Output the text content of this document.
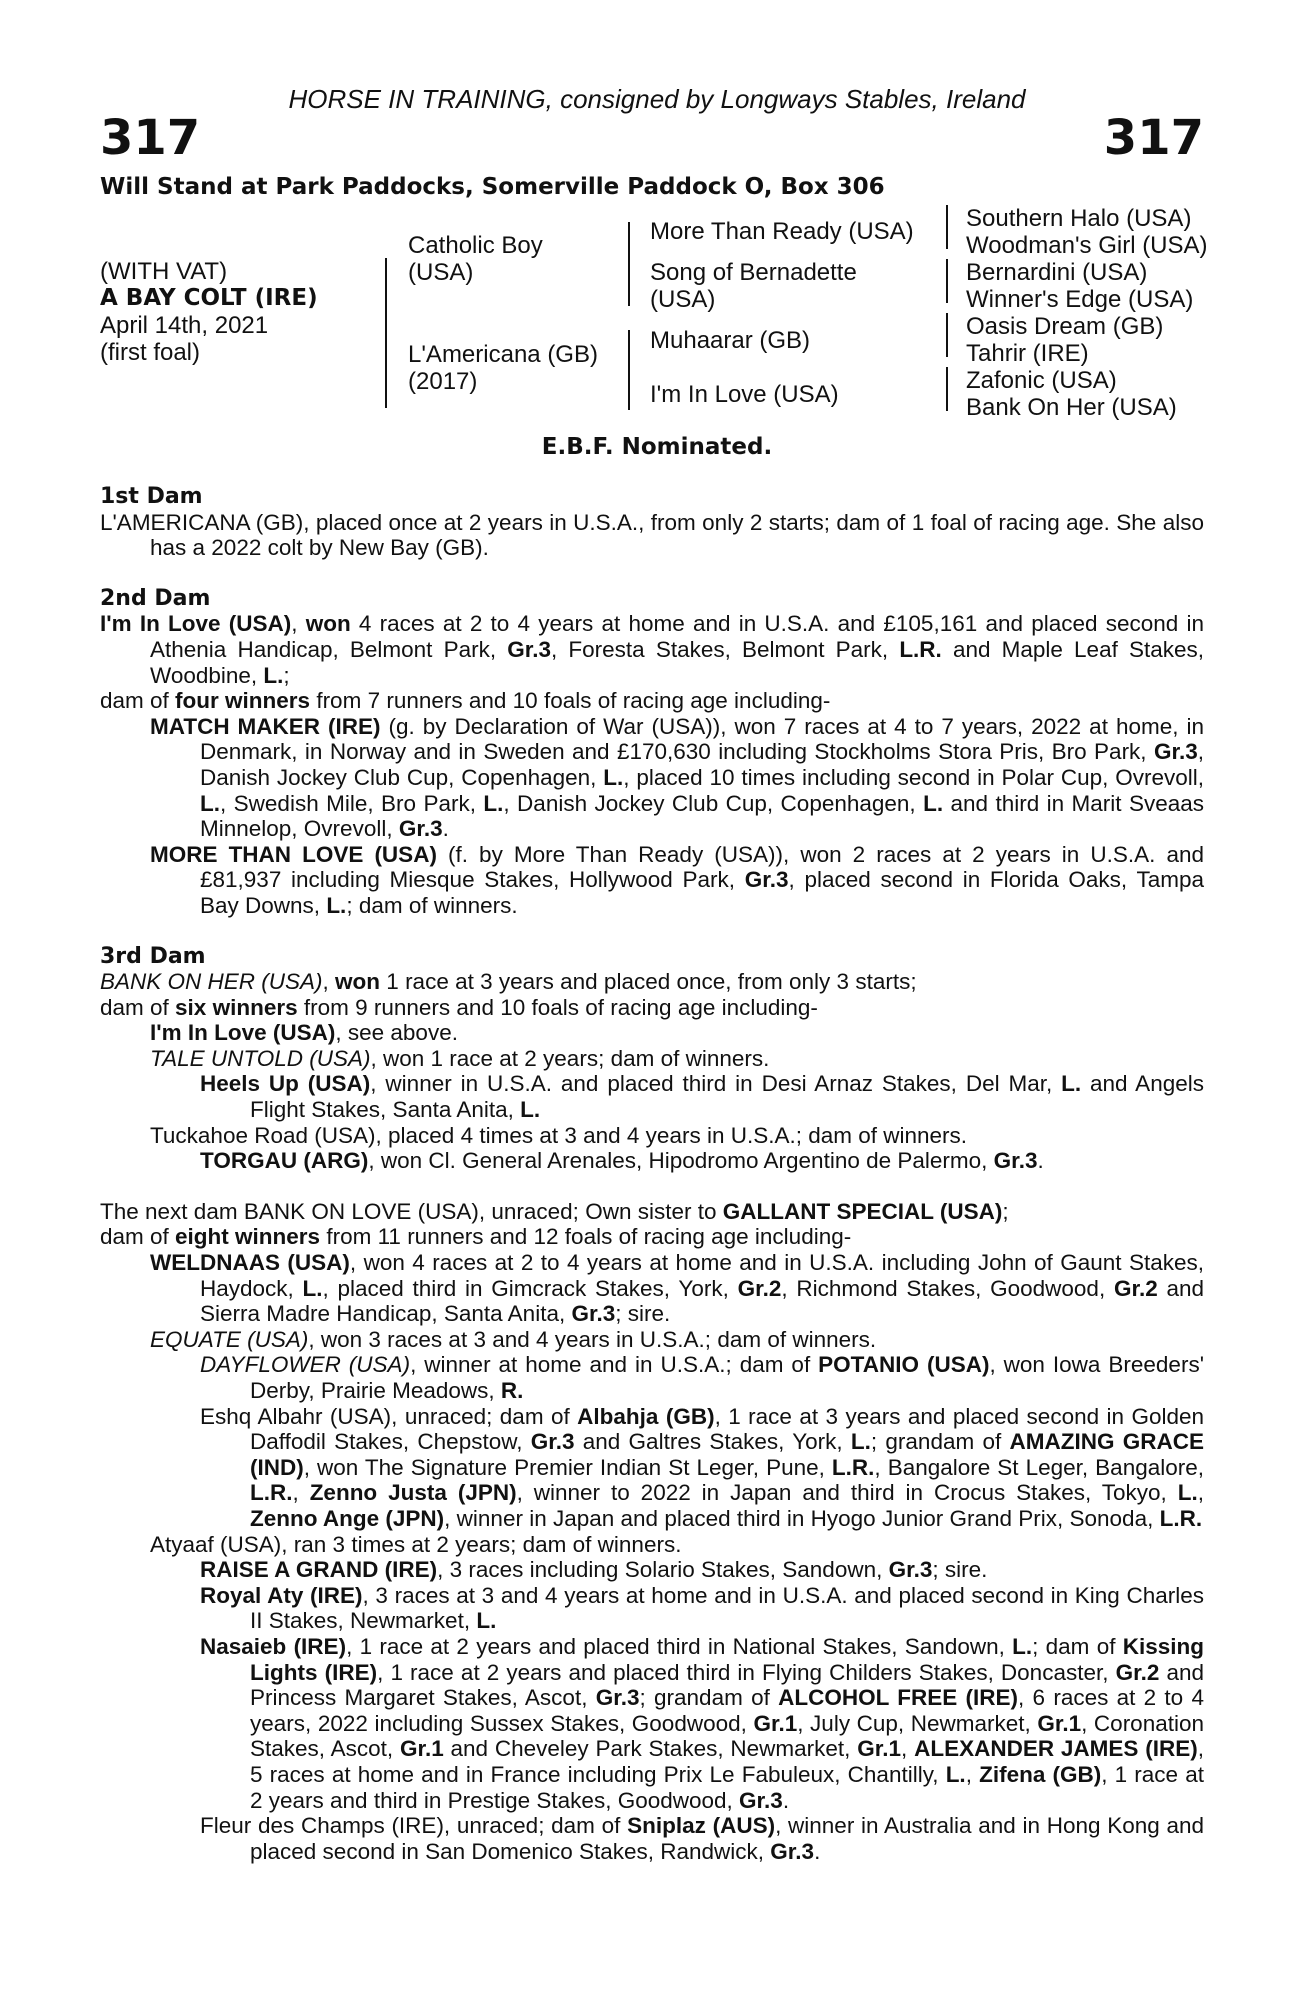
HORSE IN TRAINING, consigned by Longways Stables, Ireland
317	317
Will Stand at Park Paddocks, Somerville Paddock O, Box 306
(WITH VAT)
A BAY COLT (IRE)
April 14th, 2021
(first foal)
Catholic Boy
(USA)
L'Americana (GB)
(2017)
More Than Ready (USA)
Song of Bernadette
(USA)
Muhaarar (GB)
I'm In Love (USA)
Southern Halo (USA)
Woodman's Girl (USA)
Bernardini (USA)
Winner's Edge (USA)
Oasis Dream (GB)
Tahrir (IRE)
Zafonic (USA)
Bank On Her (USA)
E.B.F. Nominated.
1st Dam

L'AMERICANA (GB), placed once at 2 years in U.S.A., from only 2 starts; dam of 1 foal of racing age. She also has a 2022 colt by New Bay (GB).

2nd Dam

I'm In Love (USA), won 4 races at 2 to 4 years at home and in U.S.A. and £105,161 and placed second in Athenia Handicap, Belmont Park, Gr.3, Foresta Stakes, Belmont Park, L.R. and Maple Leaf Stakes, Woodbine, L.;

dam of four winners from 7 runners and 10 foals of racing age including-

MATCH MAKER (IRE) (g. by Declaration of War (USA)), won 7 races at 4 to 7 years, 2022 at home, in Denmark, in Norway and in Sweden and £170,630 including Stockholms Stora Pris, Bro Park, Gr.3, Danish Jockey Club Cup, Copenhagen, L., placed 10 times including second in Polar Cup, Ovrevoll, L., Swedish Mile, Bro Park, L., Danish Jockey Club Cup, Copenhagen, L. and third in Marit Sveaas Minnelop, Ovrevoll, Gr.3.

MORE THAN LOVE (USA) (f. by More Than Ready (USA)), won 2 races at 2 years in U.S.A. and £81,937 including Miesque Stakes, Hollywood Park, Gr.3, placed second in Florida Oaks, Tampa Bay Downs, L.; dam of winners.

3rd Dam

BANK ON HER (USA), won 1 race at 3 years and placed once, from only 3 starts;

dam of six winners from 9 runners and 10 foals of racing age including-

I'm In Love (USA), see above.

TALE UNTOLD (USA), won 1 race at 2 years; dam of winners.

Heels Up (USA), winner in U.S.A. and placed third in Desi Arnaz Stakes, Del Mar, L. and Angels Flight Stakes, Santa Anita, L.

Tuckahoe Road (USA), placed 4 times at 3 and 4 years in U.S.A.; dam of winners.

TORGAU (ARG), won Cl. General Arenales, Hipodromo Argentino de Palermo, Gr.3.

The next dam BANK ON LOVE (USA), unraced; Own sister to GALLANT SPECIAL (USA);

dam of eight winners from 11 runners and 12 foals of racing age including-

WELDNAAS (USA), won 4 races at 2 to 4 years at home and in U.S.A. including John of Gaunt Stakes, Haydock, L., placed third in Gimcrack Stakes, York, Gr.2, Richmond Stakes, Goodwood, Gr.2 and Sierra Madre Handicap, Santa Anita, Gr.3; sire.

EQUATE (USA), won 3 races at 3 and 4 years in U.S.A.; dam of winners.

DAYFLOWER (USA), winner at home and in U.S.A.; dam of POTANIO (USA), won Iowa Breeders' Derby, Prairie Meadows, R.

Eshq Albahr (USA), unraced; dam of Albahja (GB), 1 race at 3 years and placed second in Golden Daffodil Stakes, Chepstow, Gr.3 and Galtres Stakes, York, L.; grandam of AMAZING GRACE (IND), won The Signature Premier Indian St Leger, Pune, L.R., Bangalore St Leger, Bangalore, L.R., Zenno Justa (JPN), winner to 2022 in Japan and third in Crocus Stakes, Tokyo, L., Zenno Ange (JPN), winner in Japan and placed third in Hyogo Junior Grand Prix, Sonoda, L.R.

Atyaaf (USA), ran 3 times at 2 years; dam of winners.

RAISE A GRAND (IRE), 3 races including Solario Stakes, Sandown, Gr.3; sire.

Royal Aty (IRE), 3 races at 3 and 4 years at home and in U.S.A. and placed second in King Charles II Stakes, Newmarket, L.

Nasaieb (IRE), 1 race at 2 years and placed third in National Stakes, Sandown, L.; dam of Kissing Lights (IRE), 1 race at 2 years and placed third in Flying Childers Stakes, Doncaster, Gr.2 and Princess Margaret Stakes, Ascot, Gr.3; grandam of ALCOHOL FREE (IRE), 6 races at 2 to 4 years, 2022 including Sussex Stakes, Goodwood, Gr.1, July Cup, Newmarket, Gr.1, Coronation Stakes, Ascot, Gr.1 and Cheveley Park Stakes, Newmarket, Gr.1, ALEXANDER JAMES (IRE), 5 races at home and in France including Prix Le Fabuleux, Chantilly, L., Zifena (GB), 1 race at 2 years and third in Prestige Stakes, Goodwood, Gr.3.

Fleur des Champs (IRE), unraced; dam of Sniplaz (AUS), winner in Australia and in Hong Kong and placed second in San Domenico Stakes, Randwick, Gr.3.
